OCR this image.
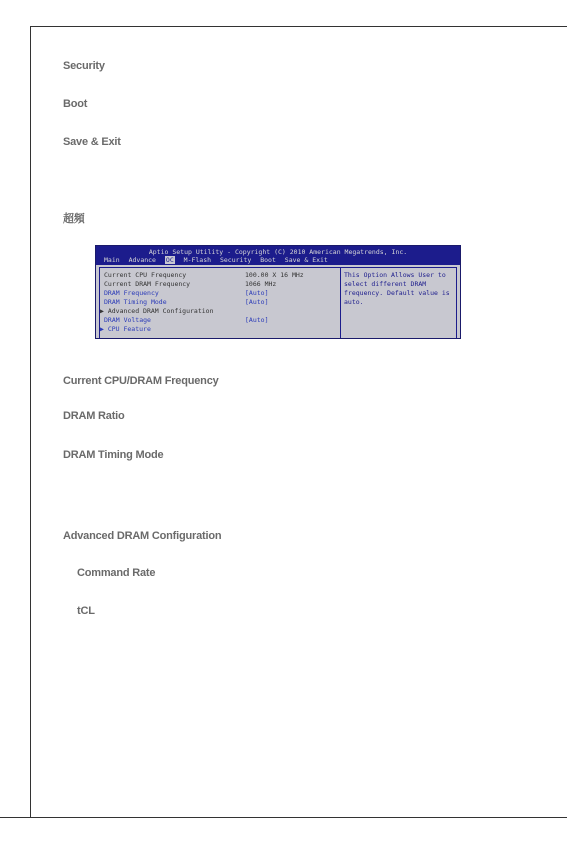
Security
Boot
Save & Exit
超頻
Aptio Setup Utility - Copyright (C) 2010 American Megatrends, Inc.
Main Advance OC M-Flash Security Boot Save & Exit
Current CPU Frequency	100.00 X 16 MHz
Current DRAM Frequency	1066 MHz
DRAM Frequency	[Auto]
DRAM Timing Mode	[Auto]
▶ Advanced DRAM Configuration
DRAM Voltage	[Auto]
▶ CPU Feature
This Option Allows User to select different DRAM frequency. Default value is auto.
Current CPU/DRAM Frequency
DRAM Ratio
DRAM Timing Mode
Advanced DRAM Configuration
Command Rate
tCL
